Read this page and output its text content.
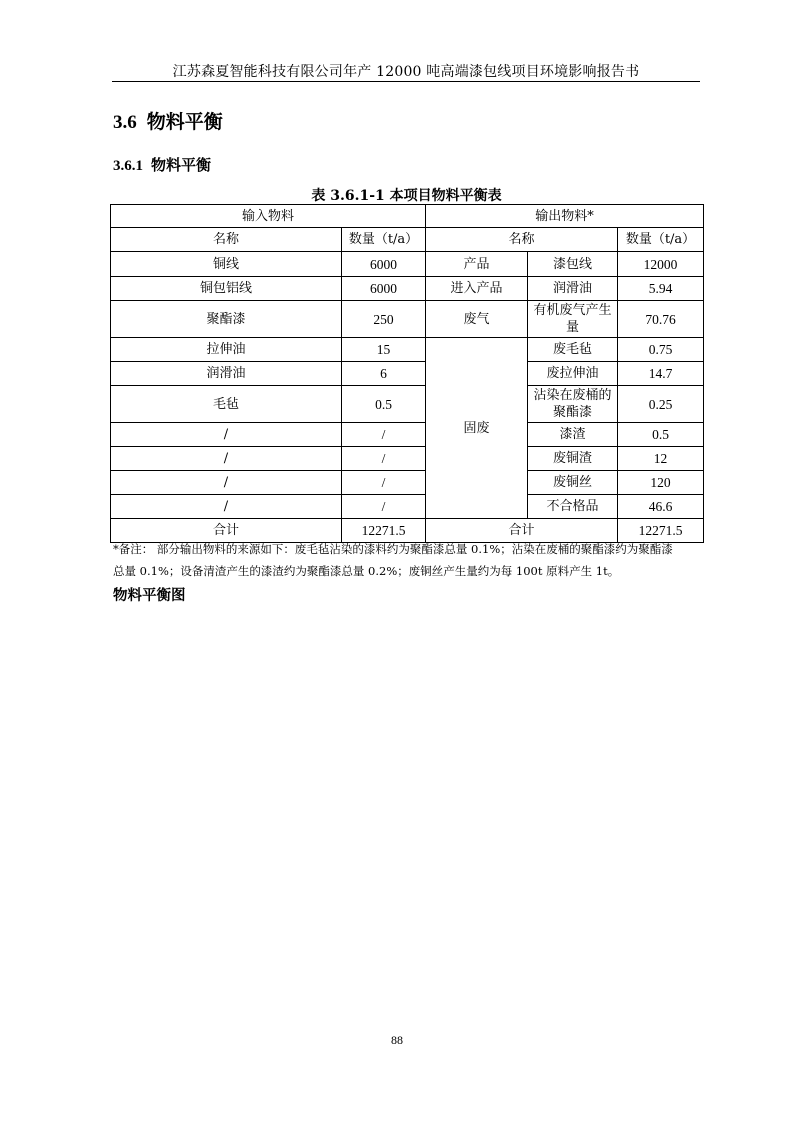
江苏森夏智能科技有限公司年产 12000 吨高端漆包线项目环境影响报告书
3.6 物料平衡
3.6.1 物料平衡
表 3.6.1-1 本项目物料平衡表
输入物料		输出物料*		
名称	数量（t/a）	名称		数量（t/a）
铜线	6000	产品	漆包线	12000
铜包铝线	6000	进入产品	润滑油	5.94
聚酯漆	250	废气	有机废气产生量	70.76
拉伸油	15	固废	废毛毡	0.75
润滑油	6		废拉伸油	14.7
毛毡	0.5		沾染在废桶的聚酯漆	0.25
/	/		漆渣	0.5
/	/		废铜渣	12
/	/		废铜丝	120
/	/		不合格品	46.6
合计	12271.5	合计		12271.5
*备注： 部分输出物料的来源如下：废毛毡沾染的漆料约为聚酯漆总量 0.1%；沾染在废桶的聚酯漆约为聚酯漆
总量 0.1%；设备清渣产生的漆渣约为聚酯漆总量 0.2%；废铜丝产生量约为每 100t 原料产生 1t。
物料平衡图
88
